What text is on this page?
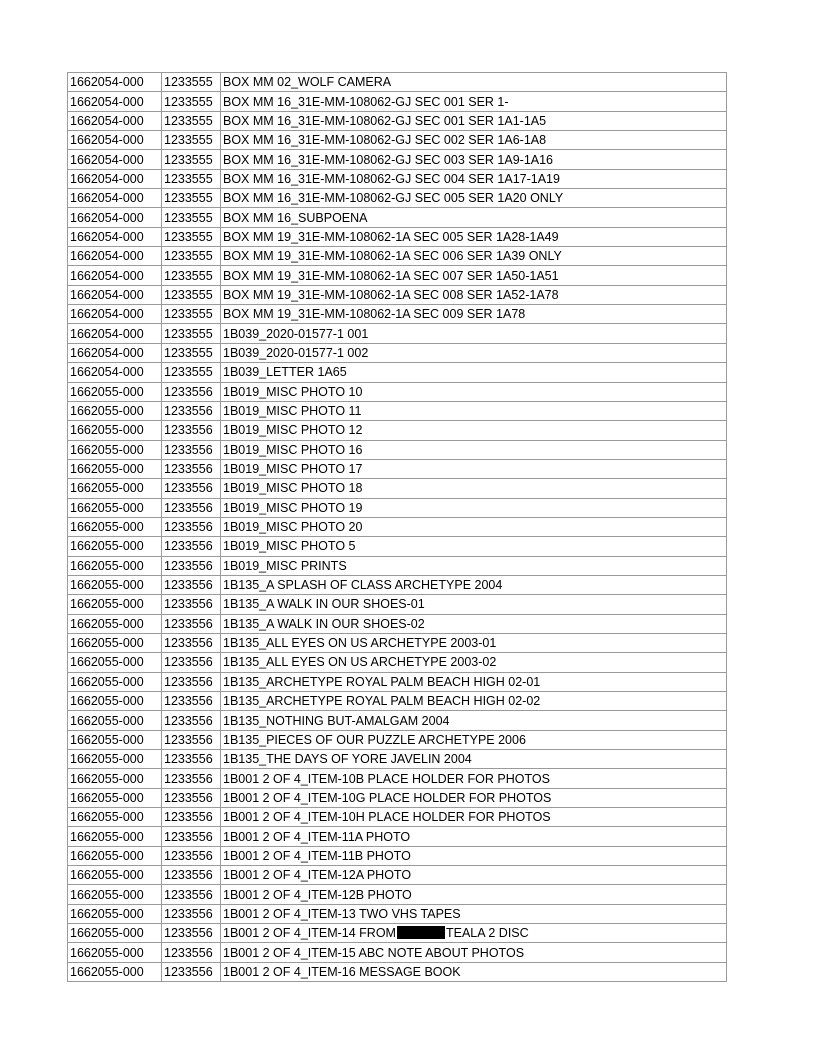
1662054-000	1233555	BOX MM 02_WOLF CAMERA
1662054-000	1233555	BOX MM 16_31E-MM-108062-GJ SEC 001 SER 1-
1662054-000	1233555	BOX MM 16_31E-MM-108062-GJ SEC 001 SER 1A1-1A5
1662054-000	1233555	BOX MM 16_31E-MM-108062-GJ SEC 002 SER 1A6-1A8
1662054-000	1233555	BOX MM 16_31E-MM-108062-GJ SEC 003 SER 1A9-1A16
1662054-000	1233555	BOX MM 16_31E-MM-108062-GJ SEC 004 SER 1A17-1A19
1662054-000	1233555	BOX MM 16_31E-MM-108062-GJ SEC 005 SER 1A20 ONLY
1662054-000	1233555	BOX MM 16_SUBPOENA
1662054-000	1233555	BOX MM 19_31E-MM-108062-1A SEC 005 SER 1A28-1A49
1662054-000	1233555	BOX MM 19_31E-MM-108062-1A SEC 006 SER 1A39 ONLY
1662054-000	1233555	BOX MM 19_31E-MM-108062-1A SEC 007 SER 1A50-1A51
1662054-000	1233555	BOX MM 19_31E-MM-108062-1A SEC 008 SER 1A52-1A78
1662054-000	1233555	BOX MM 19_31E-MM-108062-1A SEC 009 SER 1A78
1662054-000	1233555	1B039_2020-01577-1 001
1662054-000	1233555	1B039_2020-01577-1 002
1662054-000	1233555	1B039_LETTER 1A65
1662055-000	1233556	1B019_MISC PHOTO 10
1662055-000	1233556	1B019_MISC PHOTO 11
1662055-000	1233556	1B019_MISC PHOTO 12
1662055-000	1233556	1B019_MISC PHOTO 16
1662055-000	1233556	1B019_MISC PHOTO 17
1662055-000	1233556	1B019_MISC PHOTO 18
1662055-000	1233556	1B019_MISC PHOTO 19
1662055-000	1233556	1B019_MISC PHOTO 20
1662055-000	1233556	1B019_MISC PHOTO 5
1662055-000	1233556	1B019_MISC PRINTS
1662055-000	1233556	1B135_A SPLASH OF CLASS ARCHETYPE 2004
1662055-000	1233556	1B135_A WALK IN OUR SHOES-01
1662055-000	1233556	1B135_A WALK IN OUR SHOES-02
1662055-000	1233556	1B135_ALL EYES ON US ARCHETYPE 2003-01
1662055-000	1233556	1B135_ALL EYES ON US ARCHETYPE 2003-02
1662055-000	1233556	1B135_ARCHETYPE ROYAL PALM BEACH HIGH 02-01
1662055-000	1233556	1B135_ARCHETYPE ROYAL PALM BEACH HIGH 02-02
1662055-000	1233556	1B135_NOTHING BUT-AMALGAM 2004
1662055-000	1233556	1B135_PIECES OF OUR PUZZLE ARCHETYPE 2006
1662055-000	1233556	1B135_THE DAYS OF YORE JAVELIN 2004
1662055-000	1233556	1B001 2 OF 4_ITEM-10B PLACE HOLDER FOR PHOTOS
1662055-000	1233556	1B001 2 OF 4_ITEM-10G PLACE HOLDER FOR PHOTOS
1662055-000	1233556	1B001 2 OF 4_ITEM-10H PLACE HOLDER FOR PHOTOS
1662055-000	1233556	1B001 2 OF 4_ITEM-11A PHOTO
1662055-000	1233556	1B001 2 OF 4_ITEM-11B PHOTO
1662055-000	1233556	1B001 2 OF 4_ITEM-12A PHOTO
1662055-000	1233556	1B001 2 OF 4_ITEM-12B PHOTO
1662055-000	1233556	1B001 2 OF 4_ITEM-13 TWO VHS TAPES
1662055-000	1233556	1B001 2 OF 4_ITEM-14 FROM TEALA 2 DISC
1662055-000	1233556	1B001 2 OF 4_ITEM-15 ABC NOTE ABOUT PHOTOS
1662055-000	1233556	1B001 2 OF 4_ITEM-16 MESSAGE BOOK
